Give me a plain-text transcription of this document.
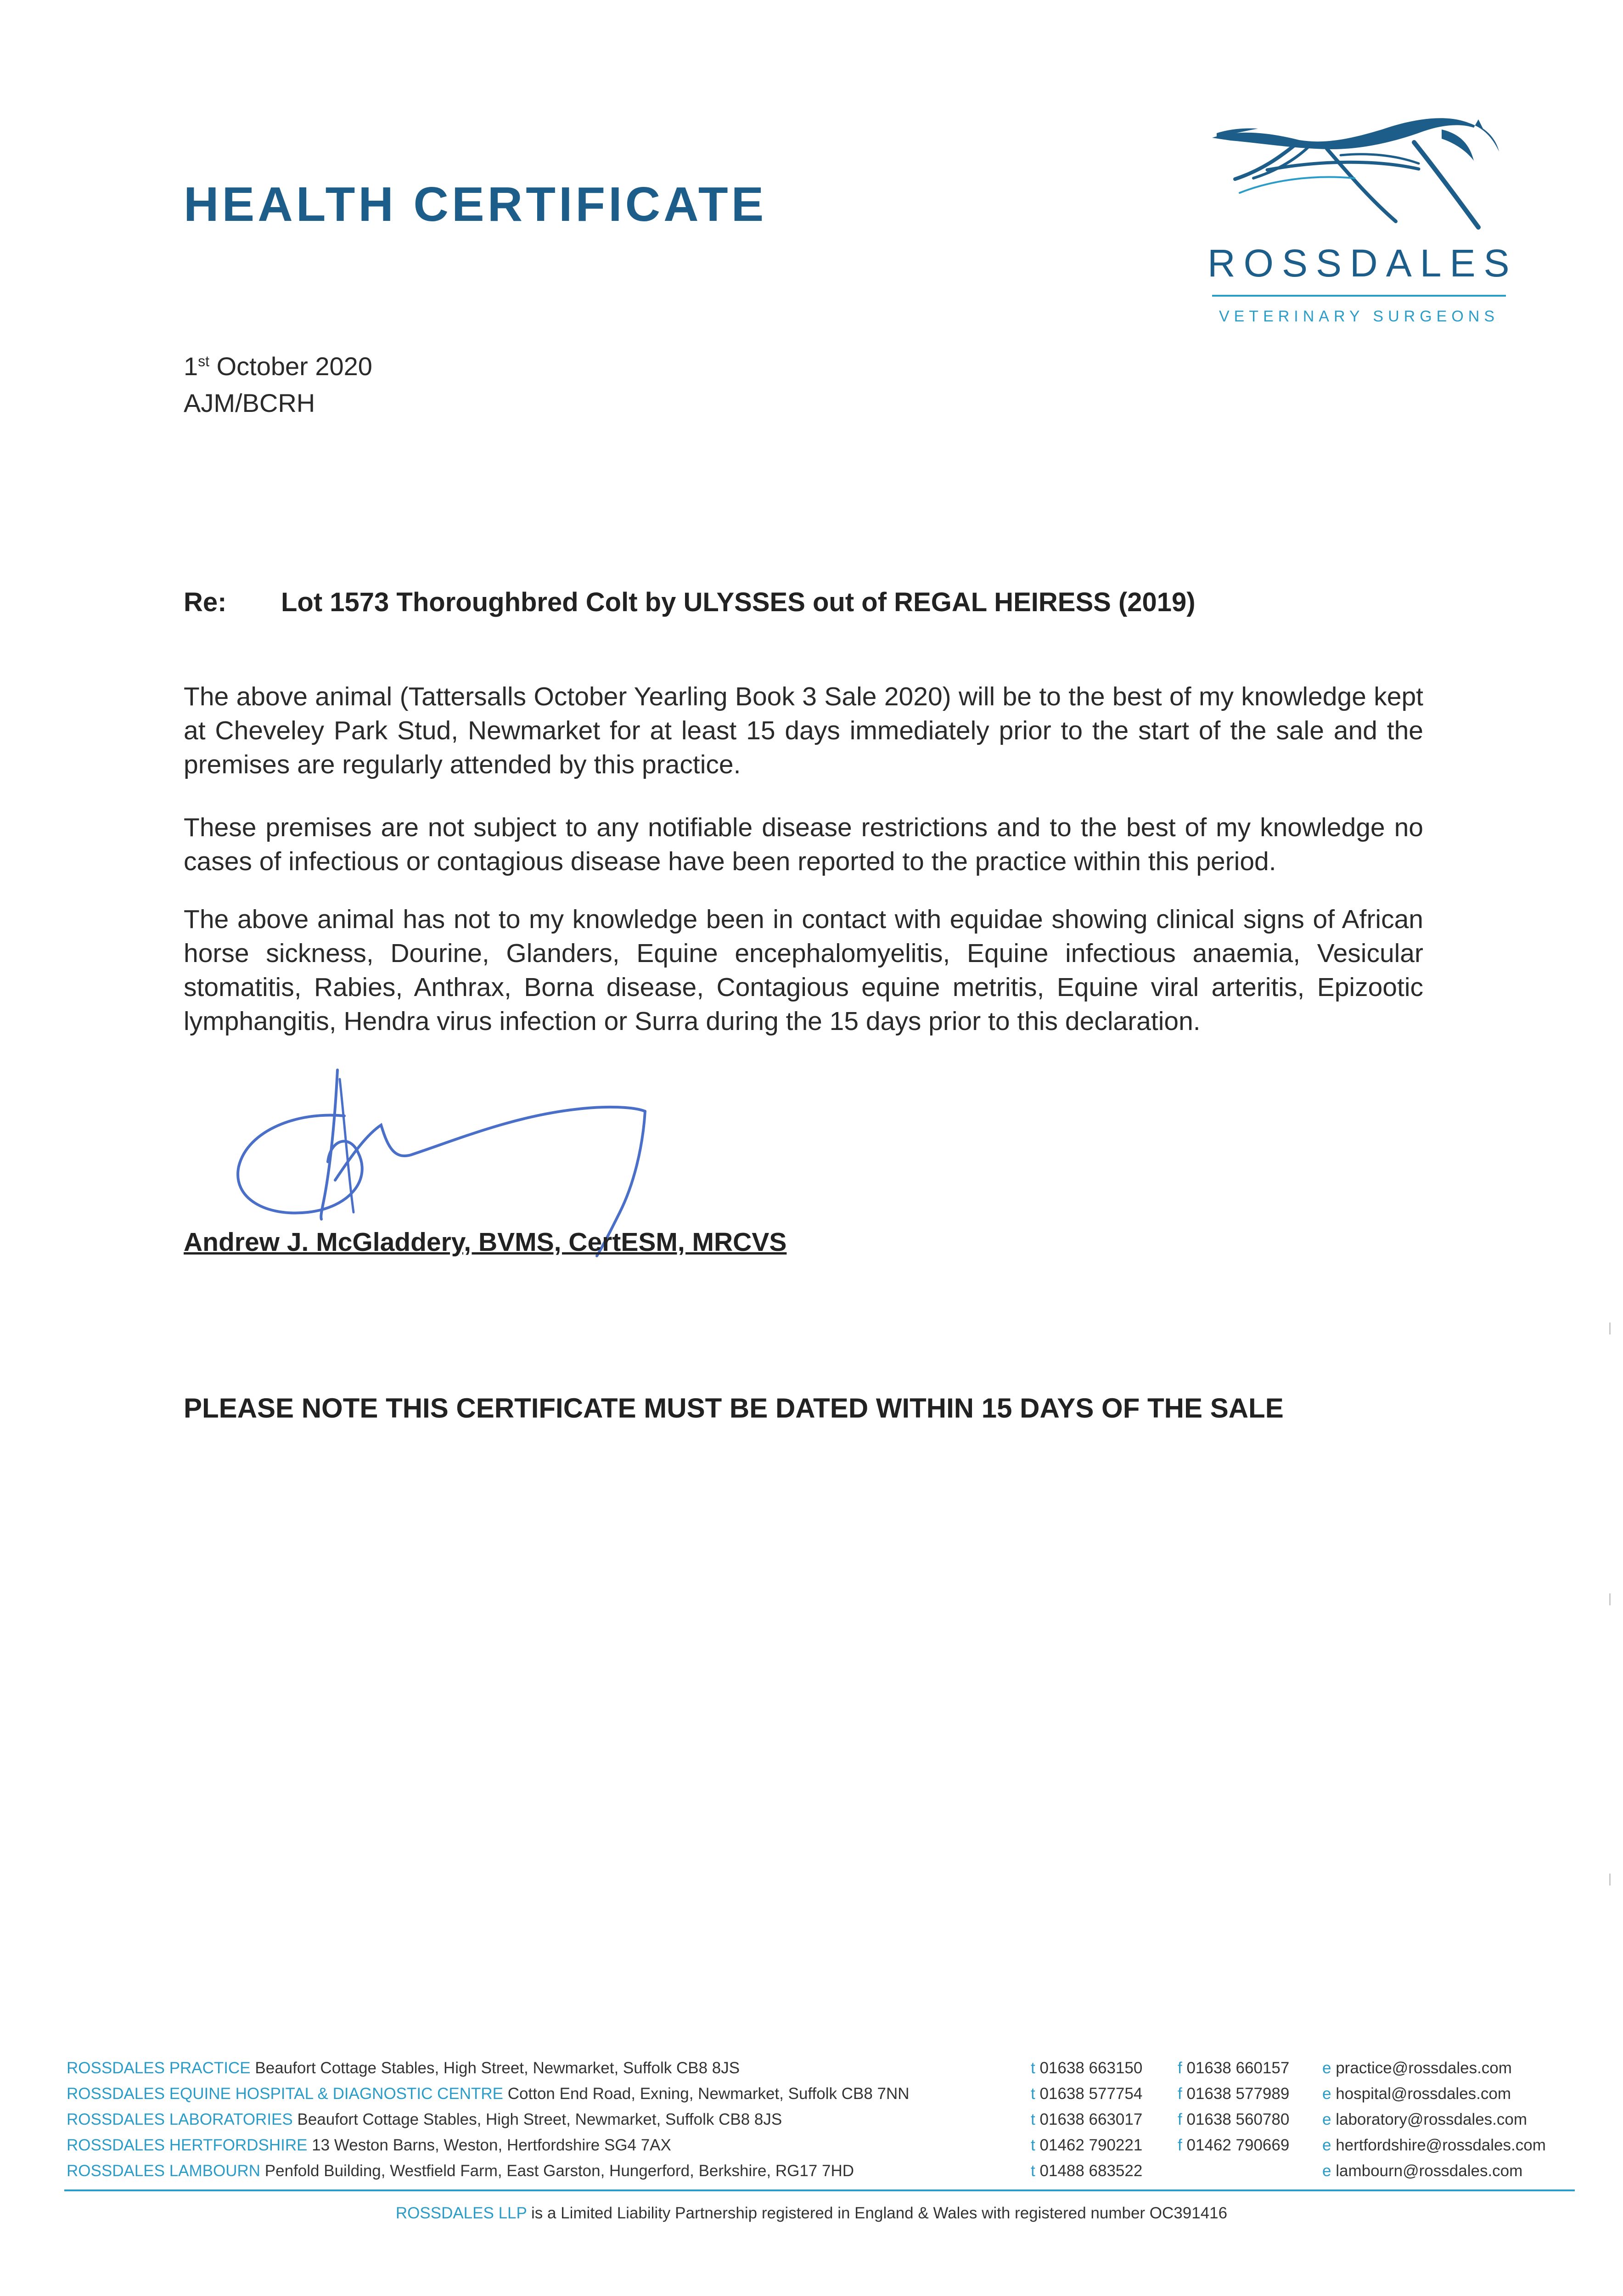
HEALTH CERTIFICATE
ROSSDALES
VETERINARY SURGEONS
1st October 2020
AJM/BCRH
Re: Lot 1573 Thoroughbred Colt by ULYSSES out of REGAL HEIRESS (2019)
The above animal (Tattersalls October Yearling Book 3 Sale 2020) will be to the best of my knowledge kept at Cheveley Park Stud, Newmarket for at least 15 days immediately prior to the start of the sale and the premises are regularly attended by this practice.
These premises are not subject to any notifiable disease restrictions and to the best of my knowledge no cases of infectious or contagious disease have been reported to the practice within this period.
The above animal has not to my knowledge been in contact with equidae showing clinical signs of African horse sickness, Dourine, Glanders, Equine encephalomyelitis, Equine infectious anaemia, Vesicular stomatitis, Rabies, Anthrax, Borna disease, Contagious equine metritis, Equine viral arteritis, Epizootic lymphangitis, Hendra virus infection or Surra during the 15 days prior to this declaration.
Andrew J. McGladdery, BVMS, CertESM, MRCVS
PLEASE NOTE THIS CERTIFICATE MUST BE DATED WITHIN 15 DAYS OF THE SALE
ROSSDALES PRACTICE Beaufort Cottage Stables, High Street, Newmarket, Suffolk CB8 8JS	t 01638 663150 f 01638 660157 e practice@rossdales.com
ROSSDALES EQUINE HOSPITAL & DIAGNOSTIC CENTRE Cotton End Road, Exning, Newmarket, Suffolk CB8 7NN	t 01638 577754 f 01638 577989 e hospital@rossdales.com
ROSSDALES LABORATORIES Beaufort Cottage Stables, High Street, Newmarket, Suffolk CB8 8JS	t 01638 663017 f 01638 560780 e laboratory@rossdales.com
ROSSDALES HERTFORDSHIRE 13 Weston Barns, Weston, Hertfordshire SG4 7AX	t 01462 790221 f 01462 790669 e hertfordshire@rossdales.com
ROSSDALES LAMBOURN Penfold Building, Westfield Farm, East Garston, Hungerford, Berkshire, RG17 7HD	t 01488 683522	e lambourn@rossdales.com
ROSSDALES LLP is a Limited Liability Partnership registered in England & Wales with registered number OC391416
